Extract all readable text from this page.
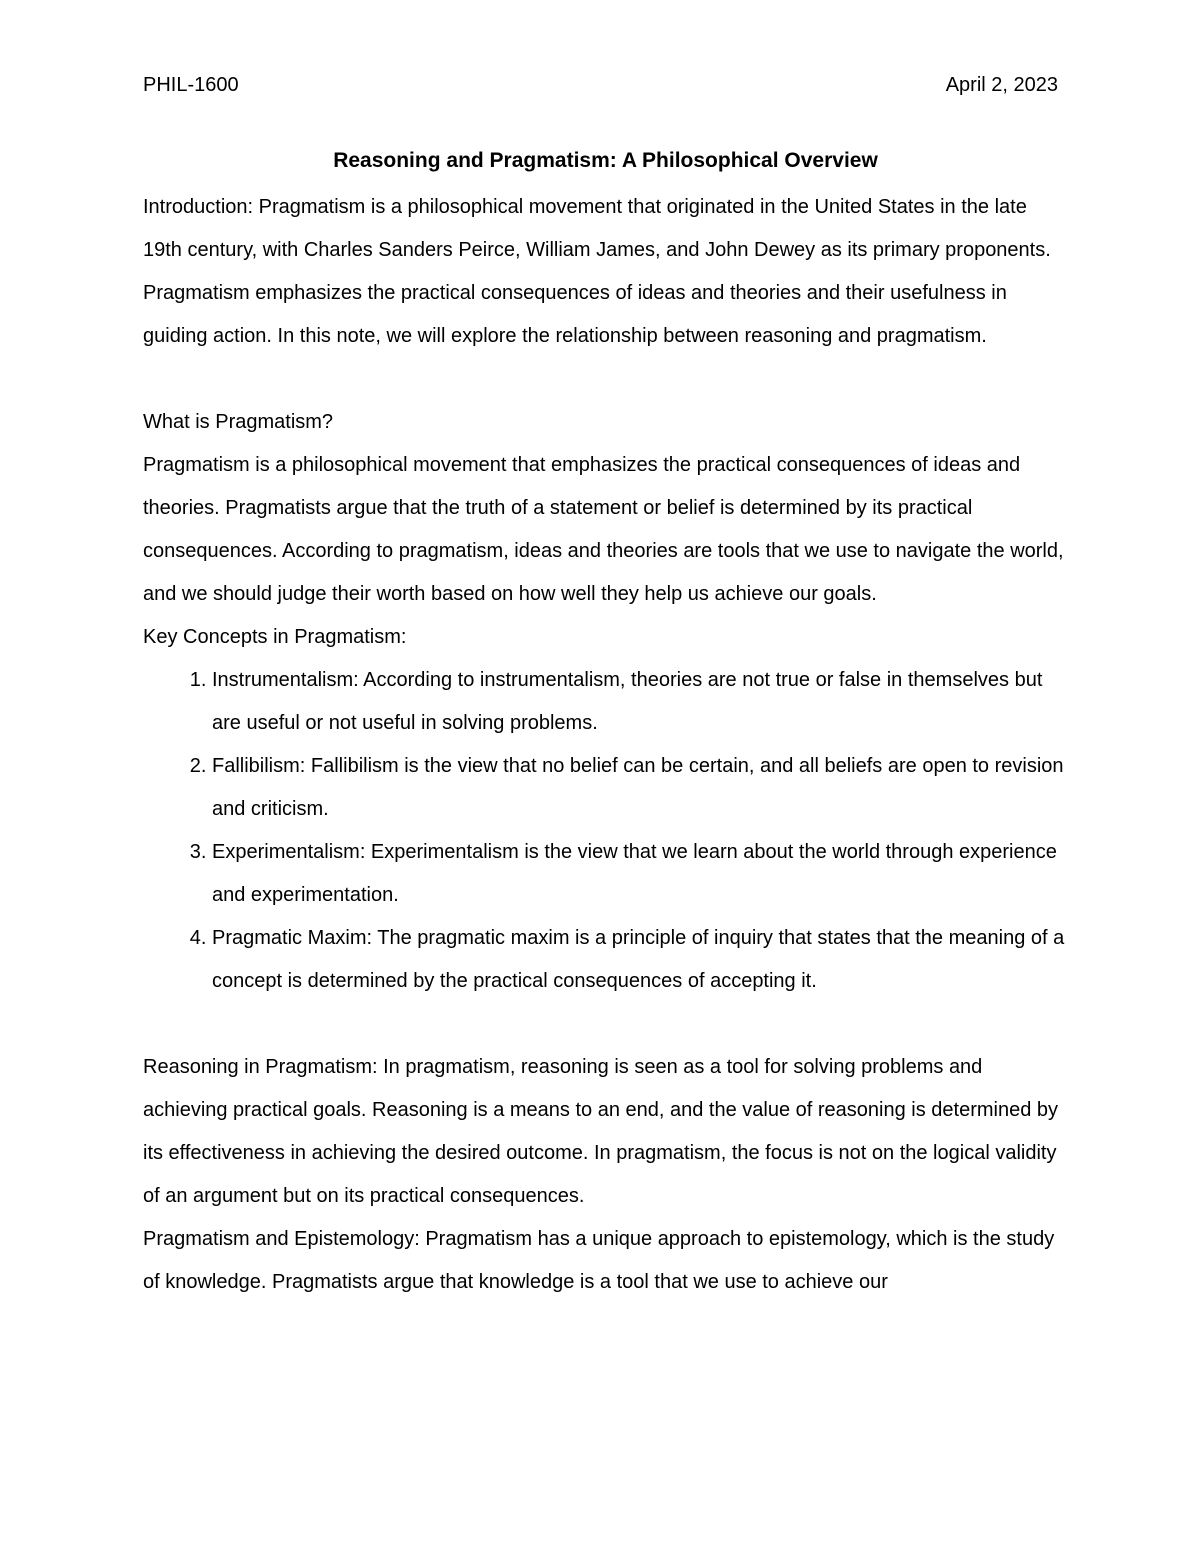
PHIL-1600	April 2, 2023
Reasoning and Pragmatism: A Philosophical Overview

Introduction: Pragmatism is a philosophical movement that originated in the United States in the late 19th century, with Charles Sanders Peirce, William James, and John Dewey as its primary proponents. Pragmatism emphasizes the practical consequences of ideas and theories and their usefulness in guiding action. In this note, we will explore the relationship between reasoning and pragmatism.

What is Pragmatism?

Pragmatism is a philosophical movement that emphasizes the practical consequences of ideas and theories. Pragmatists argue that the truth of a statement or belief is determined by its practical consequences. According to pragmatism, ideas and theories are tools that we use to navigate the world, and we should judge their worth based on how well they help us achieve our goals.

Key Concepts in Pragmatism:

1. Instrumentalism: According to instrumentalism, theories are not true or false in themselves but are useful or not useful in solving problems.
2. Fallibilism: Fallibilism is the view that no belief can be certain, and all beliefs are open to revision and criticism.
3. Experimentalism: Experimentalism is the view that we learn about the world through experience and experimentation.
4. Pragmatic Maxim: The pragmatic maxim is a principle of inquiry that states that the meaning of a concept is determined by the practical consequences of accepting it.

Reasoning in Pragmatism: In pragmatism, reasoning is seen as a tool for solving problems and achieving practical goals. Reasoning is a means to an end, and the value of reasoning is determined by its effectiveness in achieving the desired outcome. In pragmatism, the focus is not on the logical validity of an argument but on its practical consequences.

Pragmatism and Epistemology: Pragmatism has a unique approach to epistemology, which is the study of knowledge. Pragmatists argue that knowledge is a tool that we use to achieve our
